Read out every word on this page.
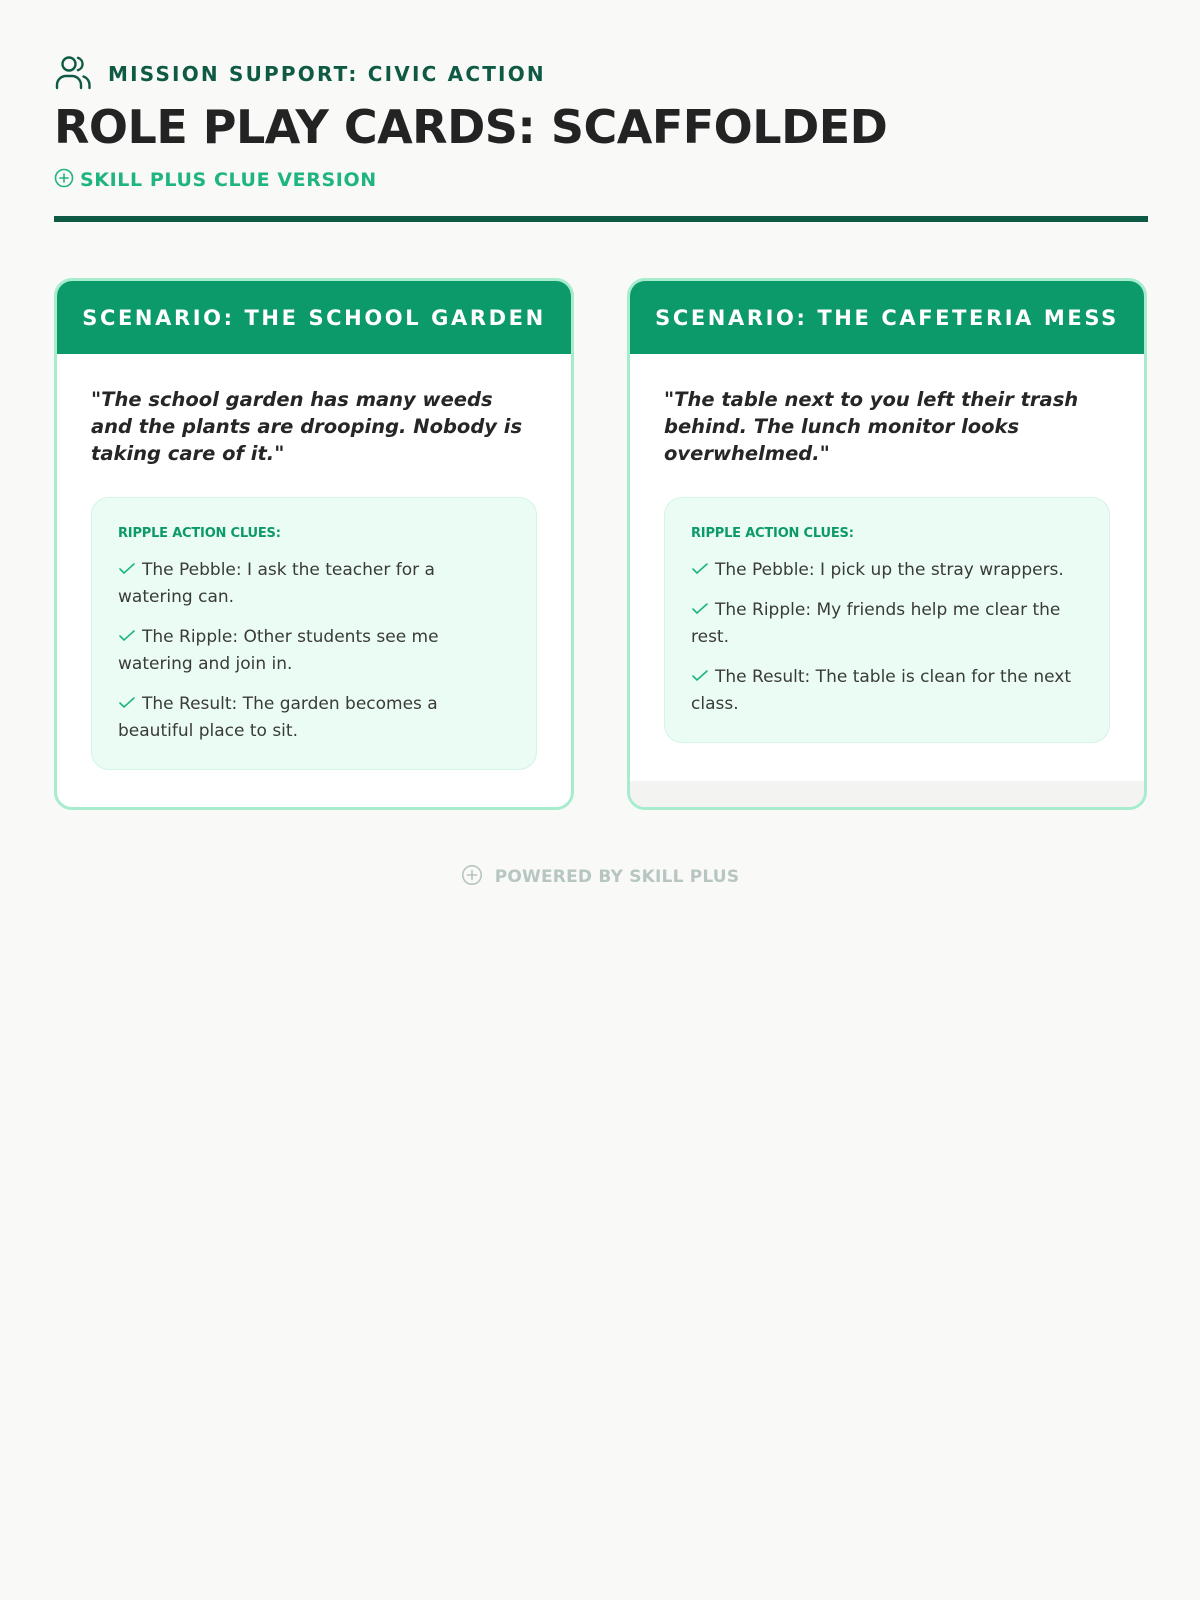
MISSION SUPPORT: CIVIC ACTION
ROLE PLAY CARDS: SCAFFOLDED
SKILL PLUS CLUE VERSION
SCENARIO: THE SCHOOL GARDEN

"The school garden has many weeds and the plants are drooping. Nobody is taking care of it."

RIPPLE ACTION CLUES:
The Pebble: I ask the teacher for a watering can.
The Ripple: Other students see me watering and join in.
The Result: The garden becomes a beautiful place to sit.
SCENARIO: THE CAFETERIA MESS

"The table next to you left their trash behind. The lunch monitor looks overwhelmed."

RIPPLE ACTION CLUES:
The Pebble: I pick up the stray wrappers.
The Ripple: My friends help me clear the rest.
The Result: The table is clean for the next class.
POWERED BY SKILL PLUS
